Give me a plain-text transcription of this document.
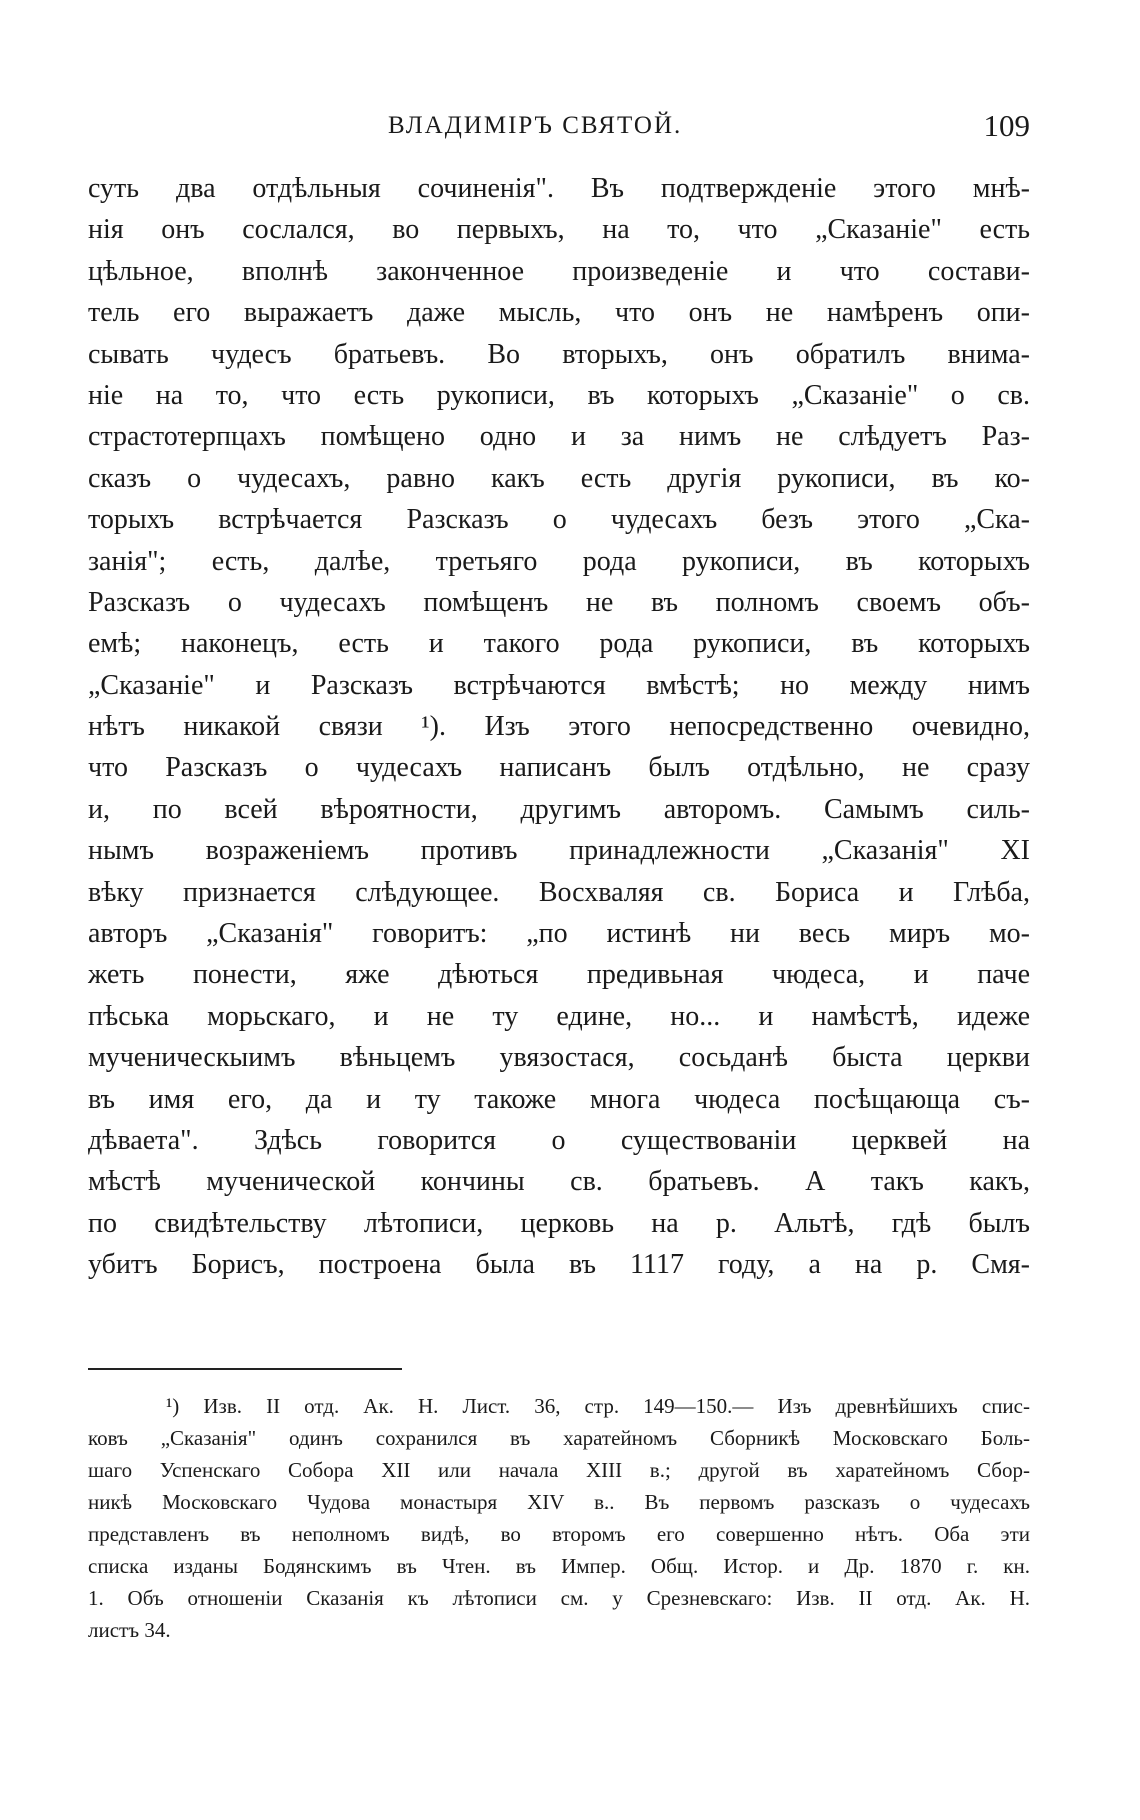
ВЛАДИМІРЪ СВЯТОЙ.	109
суть два отдѣльныя сочиненія". Въ подтвержденіе этого мнѣ-
нія онъ сослался, во первыхъ, на то, что „Сказаніе" есть
цѣльное, вполнѣ законченное произведеніе и что состави-
тель его выражаетъ даже мысль, что онъ не намѣренъ опи-
сывать чудесъ братьевъ. Во вторыхъ, онъ обратилъ внима-
ніе на то, что есть рукописи, въ которыхъ „Сказаніе" о св.
страстотерпцахъ помѣщено одно и за нимъ не слѣдуетъ Раз-
сказъ о чудесахъ, равно какъ есть другія рукописи, въ ко-
торыхъ встрѣчается Разсказъ о чудесахъ безъ этого „Ска-
занія"; есть, далѣе, третьяго рода рукописи, въ которыхъ
Разсказъ о чудесахъ помѣщенъ не въ полномъ своемъ объ-
емѣ; наконецъ, есть и такого рода рукописи, въ которыхъ
„Сказаніе" и Разсказъ встрѣчаются вмѣстѣ; но между нимъ
нѣтъ никакой связи ¹). Изъ этого непосредственно очевидно,
что Разсказъ о чудесахъ написанъ былъ отдѣльно, не сразу
и, по всей вѣроятности, другимъ авторомъ. Самымъ силь-
нымъ возраженіемъ противъ принадлежности „Сказанія" XI
вѣку признается слѣдующее. Восхваляя св. Бориса и Глѣба,
авторъ „Сказанія" говоритъ: „по истинѣ ни весь миръ мо-
жеть понести, яже дѣються предивьная чюдеса, и паче
пѣська морьскаго, и не ту едине, но... и намѣстѣ, идеже
мученическыимъ вѣньцемъ увязостася, сосьданѣ быста церкви
въ имя его, да и ту такоже многа чюдеса посѣщающа съ-
дѣваета". Здѣсь говорится о существованіи церквей на
мѣстѣ мученической кончины св. братьевъ. А такъ какъ,
по свидѣтельству лѣтописи, церковь на р. Альтѣ, гдѣ былъ
убитъ Борисъ, построена была въ 1117 году, а на р. Смя-
¹) Изв. II отд. Ак. Н. Лист. 36, стр. 149—150.— Изъ древнѣйшихъ спис-
ковъ „Сказанія" одинъ сохранился въ харатейномъ Сборникѣ Московскаго Боль-
шаго Успенскаго Собора XII или начала XIII в.; другой въ харатейномъ Сбор-
никѣ Московскаго Чудова монастыря XIV в.. Въ первомъ разсказъ о чудесахъ
представленъ въ неполномъ видѣ, во второмъ его совершенно нѣтъ. Оба эти
списка изданы Бодянскимъ въ Чтен. въ Импер. Общ. Истор. и Др. 1870 г. кн.
1. Объ отношеніи Сказанія къ лѣтописи см. у Срезневскаго: Изв. II отд. Ак. Н.
листъ 34.
